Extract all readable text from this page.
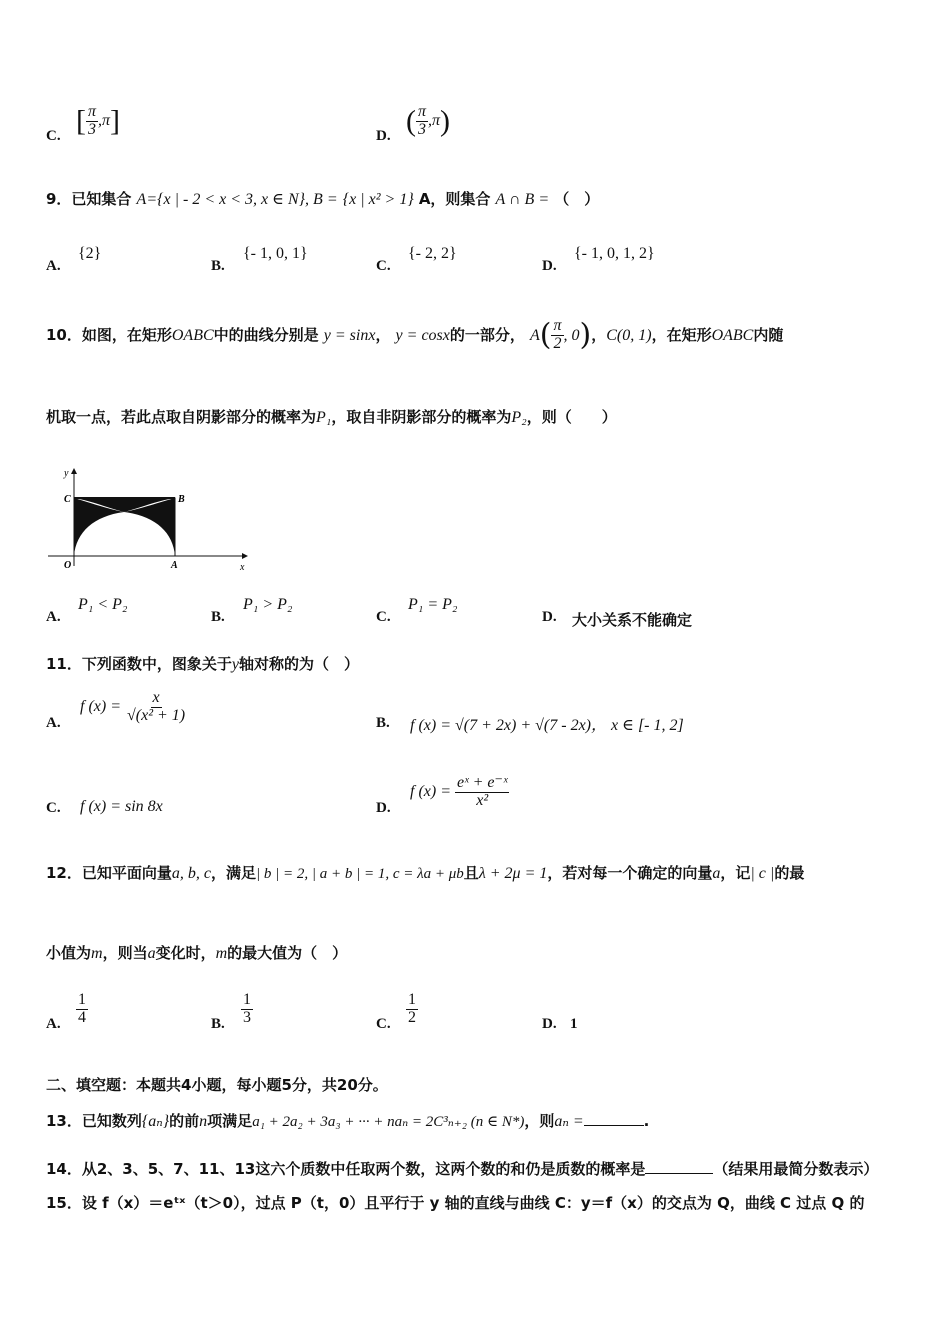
C. [ $\frac{\pi}{3} ,\pi$]	D. ( $\frac{\pi}{3} ,\pi$)
9．已知集合 A={x | - 2 < x < 3, x ∈ N}, B = {x | x² > 1} A，则集合 A ∩ B = （　）
A.
{2}
B.
{- 1, 0, 1}
C.
{- 2, 2}
D.
{- 1, 0, 1, 2}
10．如图，在矩形OABC中的曲线分别是 y = sinx， y = cosx的一部分， $A( \frac{\pi}{2}$ , 0)，C(0, 1)，在矩形OABC内随
机取一点，若此点取自阴影部分的概率为P₁，取自非阴影部分的概率为P₂，则（　　）
y
x
C	B
O	A
A.
P₁ < P₂
B.
P₁ > P₂
C.
P₁ = P₂
D. 大小关系不能确定
11．下列函数中，图象关于y轴对称的为（　）
A.
f $(x) = \frac{x}{\text{√(x² + 1)}}$	B. f (x) = √(7 + 2x) + √(7 - 2x)， x ∈ [- 1, 2]
C. f (x) = sin 8x	D.
f $(x) = \frac{\text{eˣ + e⁻ˣ}}{\text{x²}}$
12．已知平面向量a, b, c，满足| b | = 2, | a + b | = 1, c = λa + μb且λ + 2μ = 1，若对每一个确定的向量a，记| c |的最
小值为m，则当a变化时，m的最大值为（　）
A. $\frac{1}{4}$	B. $\frac{1}{3}$	C. $\frac{1}{2}$	D. 1
二、填空题：本题共4小题，每小题5分，共20分。
13．已知数列{aₙ}的前n项满足a₁ + 2a₂ + 3a₃ + ··· + naₙ = 2C³ₙ₊₂ (n ∈ N*)，则aₙ =	.
14．从2、3、5、7、11、13这六个质数中任取两个数，这两个数的和仍是质数的概率是	（结果用最简分数表示）
15．设 f（x）＝eᵗˣ（t＞0），过点 P（t，0）且平行于 y 轴的直线与曲线 C：y＝f（x）的交点为 Q，曲线 C 过点 Q 的
